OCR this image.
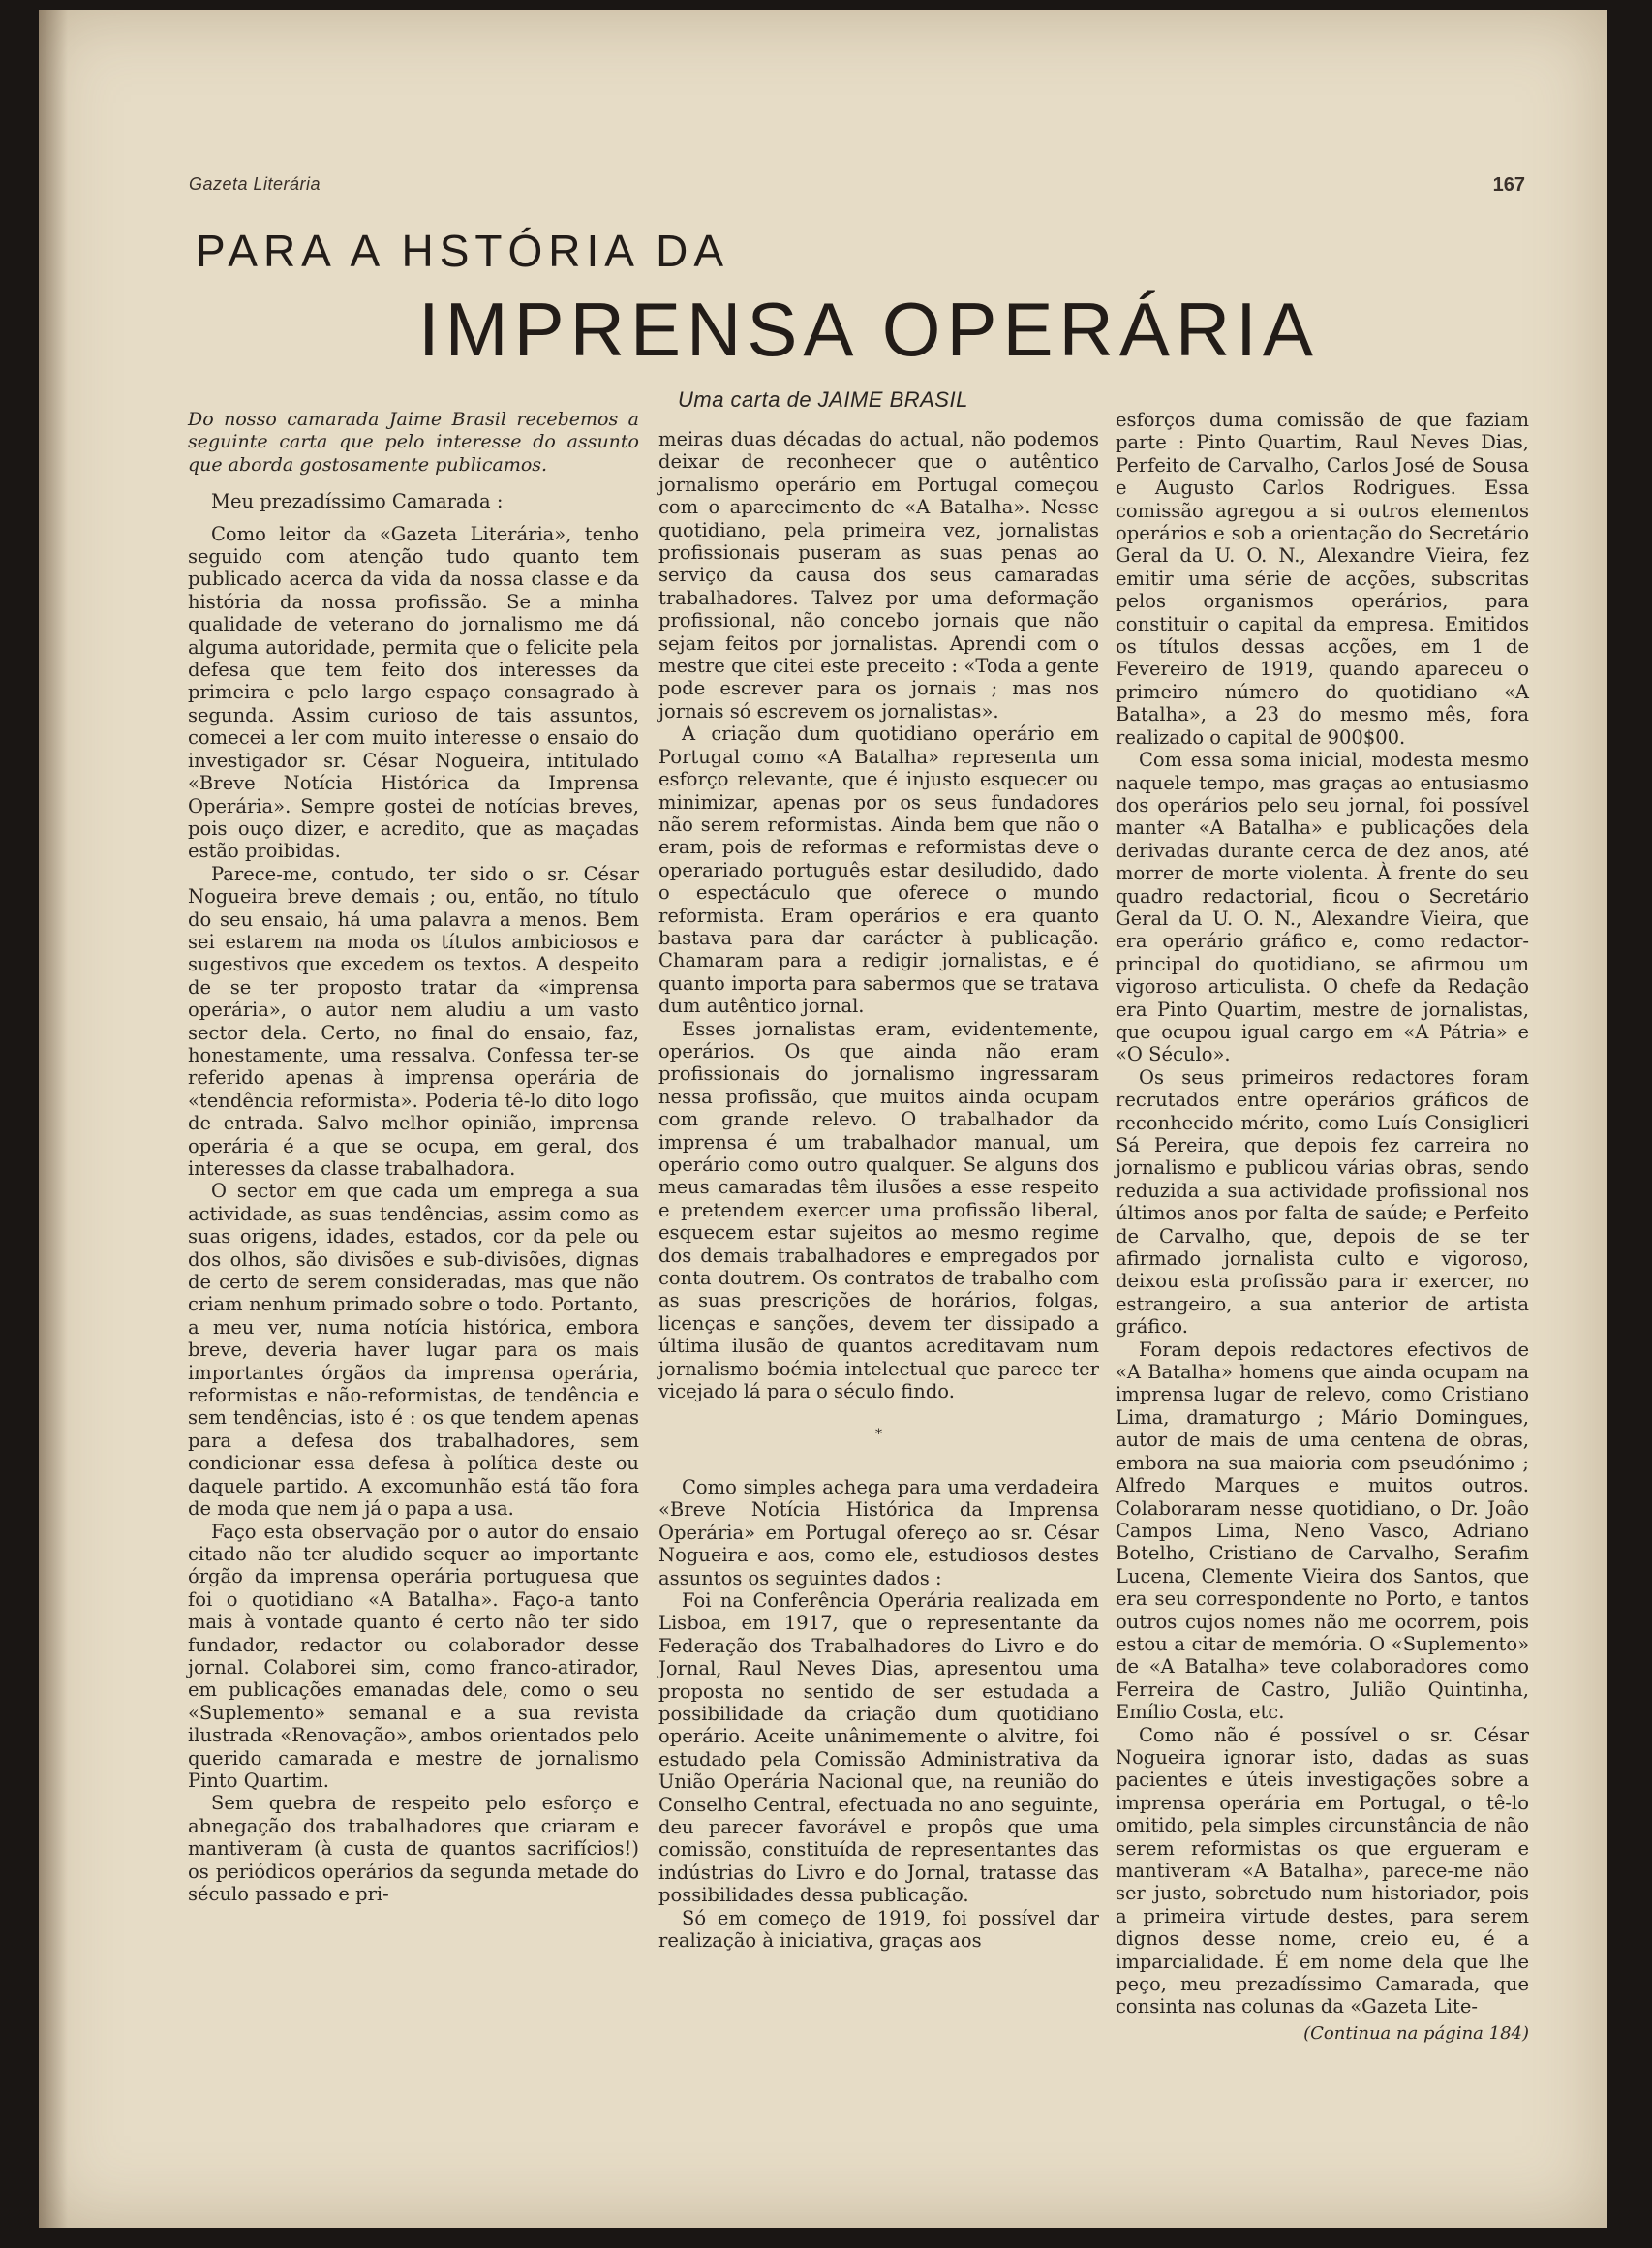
Gazeta Literária	167
PARA A HSTÓRIA DA
IMPRENSA OPERÁRIA
Uma carta de JAIME BRASIL

Do nosso camarada Jaime Brasil recebemos a seguinte carta que pelo interesse do assunto que aborda gostosamente publicamos.

Meu prezadíssimo Camarada :

Como leitor da «Gazeta Literária», tenho seguido com atenção tudo quanto tem publicado acerca da vida da nossa classe e da história da nossa profissão. Se a minha qualidade de veterano do jornalismo me dá alguma autoridade, permita que o felicite pela defesa que tem feito dos interesses da primeira e pelo largo espaço consagrado à segunda. Assim curioso de tais assuntos, comecei a ler com muito interesse o ensaio do investigador sr. César Nogueira, intitulado «Breve Notícia Histórica da Imprensa Operária». Sempre gostei de notícias breves, pois ouço dizer, e acredito, que as maçadas estão proibidas.

Parece-me, contudo, ter sido o sr. César Nogueira breve demais ; ou, então, no título do seu ensaio, há uma palavra a menos. Bem sei estarem na moda os títulos ambiciosos e sugestivos que excedem os textos. A despeito de se ter proposto tratar da «imprensa operária», o autor nem aludiu a um vasto sector dela. Certo, no final do ensaio, faz, honestamente, uma ressalva. Confessa ter-se referido apenas à imprensa operária de «tendência reformista». Poderia tê-lo dito logo de entrada. Salvo melhor opinião, imprensa operária é a que se ocupa, em geral, dos interesses da classe trabalhadora.

O sector em que cada um emprega a sua actividade, as suas tendências, assim como as suas origens, idades, estados, cor da pele ou dos olhos, são divisões e sub-divisões, dignas de certo de serem consideradas, mas que não criam nenhum primado sobre o todo. Portanto, a meu ver, numa notícia histórica, embora breve, deveria haver lugar para os mais importantes órgãos da imprensa operária, reformistas e não-reformistas, de tendência e sem tendências, isto é : os que tendem apenas para a defesa dos trabalhadores, sem condicionar essa defesa à política deste ou daquele partido. A excomunhão está tão fora de moda que nem já o papa a usa.

Faço esta observação por o autor do ensaio citado não ter aludido sequer ao importante órgão da imprensa operária portuguesa que foi o quotidiano «A Batalha». Faço-a tanto mais à vontade quanto é certo não ter sido fundador, redactor ou colaborador desse jornal. Colaborei sim, como franco-atirador, em publicações emanadas dele, como o seu «Suplemento» semanal e a sua revista ilustrada «Renovação», ambos orientados pelo querido camarada e mestre de jornalismo Pinto Quartim.

Sem quebra de respeito pelo esforço e abnegação dos trabalhadores que criaram e mantiveram (à custa de quantos sacrifícios!) os periódicos operários da segunda metade do século passado e pri-

meiras duas décadas do actual, não podemos deixar de reconhecer que o autêntico jornalismo operário em Portugal começou com o aparecimento de «A Batalha». Nesse quotidiano, pela primeira vez, jornalistas profissionais puseram as suas penas ao serviço da causa dos seus camaradas trabalhadores. Talvez por uma deformação profissional, não concebo jornais que não sejam feitos por jornalistas. Aprendi com o mestre que citei este preceito : «Toda a gente pode escrever para os jornais ; mas nos jornais só escrevem os jornalistas».

A criação dum quotidiano operário em Portugal como «A Batalha» representa um esforço relevante, que é injusto esquecer ou minimizar, apenas por os seus fundadores não serem reformistas. Ainda bem que não o eram, pois de reformas e reformistas deve o operariado português estar desiludido, dado o espectáculo que oferece o mundo reformista. Eram operários e era quanto bastava para dar carácter à publicação. Chamaram para a redigir jornalistas, e é quanto importa para sabermos que se tratava dum autêntico jornal.

Esses jornalistas eram, evidentemente, operários. Os que ainda não eram profissionais do jornalismo ingressaram nessa profissão, que muitos ainda ocupam com grande relevo. O trabalhador da imprensa é um trabalhador manual, um operário como outro qualquer. Se alguns dos meus camaradas têm ilusões a esse respeito e pretendem exercer uma profissão liberal, esquecem estar sujeitos ao mesmo regime dos demais trabalhadores e empregados por conta doutrem. Os contratos de trabalho com as suas prescrições de horários, folgas, licenças e sanções, devem ter dissipado a última ilusão de quantos acreditavam num jornalismo boémia intelectual que parece ter vicejado lá para o século findo.

*

Como simples achega para uma verdadeira «Breve Notícia Histórica da Imprensa Operária» em Portugal ofereço ao sr. César Nogueira e aos, como ele, estudiosos destes assuntos os seguintes dados :

Foi na Conferência Operária realizada em Lisboa, em 1917, que o representante da Federação dos Trabalhadores do Livro e do Jornal, Raul Neves Dias, apresentou uma proposta no sentido de ser estudada a possibilidade da criação dum quotidiano operário. Aceite unânimemente o alvitre, foi estudado pela Comissão Administrativa da União Operária Nacional que, na reunião do Conselho Central, efectuada no ano seguinte, deu parecer favorável e propôs que uma comissão, constituída de representantes das indústrias do Livro e do Jornal, tratasse das possibilidades dessa publicação.

Só em começo de 1919, foi possível dar realização à iniciativa, graças aos

esforços duma comissão de que faziam parte : Pinto Quartim, Raul Neves Dias, Perfeito de Carvalho, Carlos José de Sousa e Augusto Carlos Rodrigues. Essa comissão agregou a si outros elementos operários e sob a orientação do Secretário Geral da U. O. N., Alexandre Vieira, fez emitir uma série de acções, subscritas pelos organismos operários, para constituir o capital da empresa. Emitidos os títulos dessas acções, em 1 de Fevereiro de 1919, quando apareceu o primeiro número do quotidiano «A Batalha», a 23 do mesmo mês, fora realizado o capital de 900$00.

Com essa soma inicial, modesta mesmo naquele tempo, mas graças ao entusiasmo dos operários pelo seu jornal, foi possível manter «A Batalha» e publicações dela derivadas durante cerca de dez anos, até morrer de morte violenta. À frente do seu quadro redactorial, ficou o Secretário Geral da U. O. N., Alexandre Vieira, que era operário gráfico e, como redactor-principal do quotidiano, se afirmou um vigoroso articulista. O chefe da Redação era Pinto Quartim, mestre de jornalistas, que ocupou igual cargo em «A Pátria» e «O Século».

Os seus primeiros redactores foram recrutados entre operários gráficos de reconhecido mérito, como Luís Consiglieri Sá Pereira, que depois fez carreira no jornalismo e publicou várias obras, sendo reduzida a sua actividade profissional nos últimos anos por falta de saúde; e Perfeito de Carvalho, que, depois de se ter afirmado jornalista culto e vigoroso, deixou esta profissão para ir exercer, no estrangeiro, a sua anterior de artista gráfico.

Foram depois redactores efectivos de «A Batalha» homens que ainda ocupam na imprensa lugar de relevo, como Cristiano Lima, dramaturgo ; Mário Domingues, autor de mais de uma centena de obras, embora na sua maioria com pseudónimo ; Alfredo Marques e muitos outros. Colaboraram nesse quotidiano, o Dr. João Campos Lima, Neno Vasco, Adriano Botelho, Cristiano de Carvalho, Serafim Lucena, Clemente Vieira dos Santos, que era seu correspondente no Porto, e tantos outros cujos nomes não me ocorrem, pois estou a citar de memória. O «Suplemento» de «A Batalha» teve colaboradores como Ferreira de Castro, Julião Quintinha, Emílio Costa, etc.

Como não é possível o sr. César Nogueira ignorar isto, dadas as suas pacientes e úteis investigações sobre a imprensa operária em Portugal, o tê-lo omitido, pela simples circunstância de não serem reformistas os que ergueram e mantiveram «A Batalha», parece-me não ser justo, sobretudo num historiador, pois a primeira virtude destes, para serem dignos desse nome, creio eu, é a imparcialidade. É em nome dela que lhe peço, meu prezadíssimo Camarada, que consinta nas colunas da «Gazeta Lite-

(Continua na página 184)
